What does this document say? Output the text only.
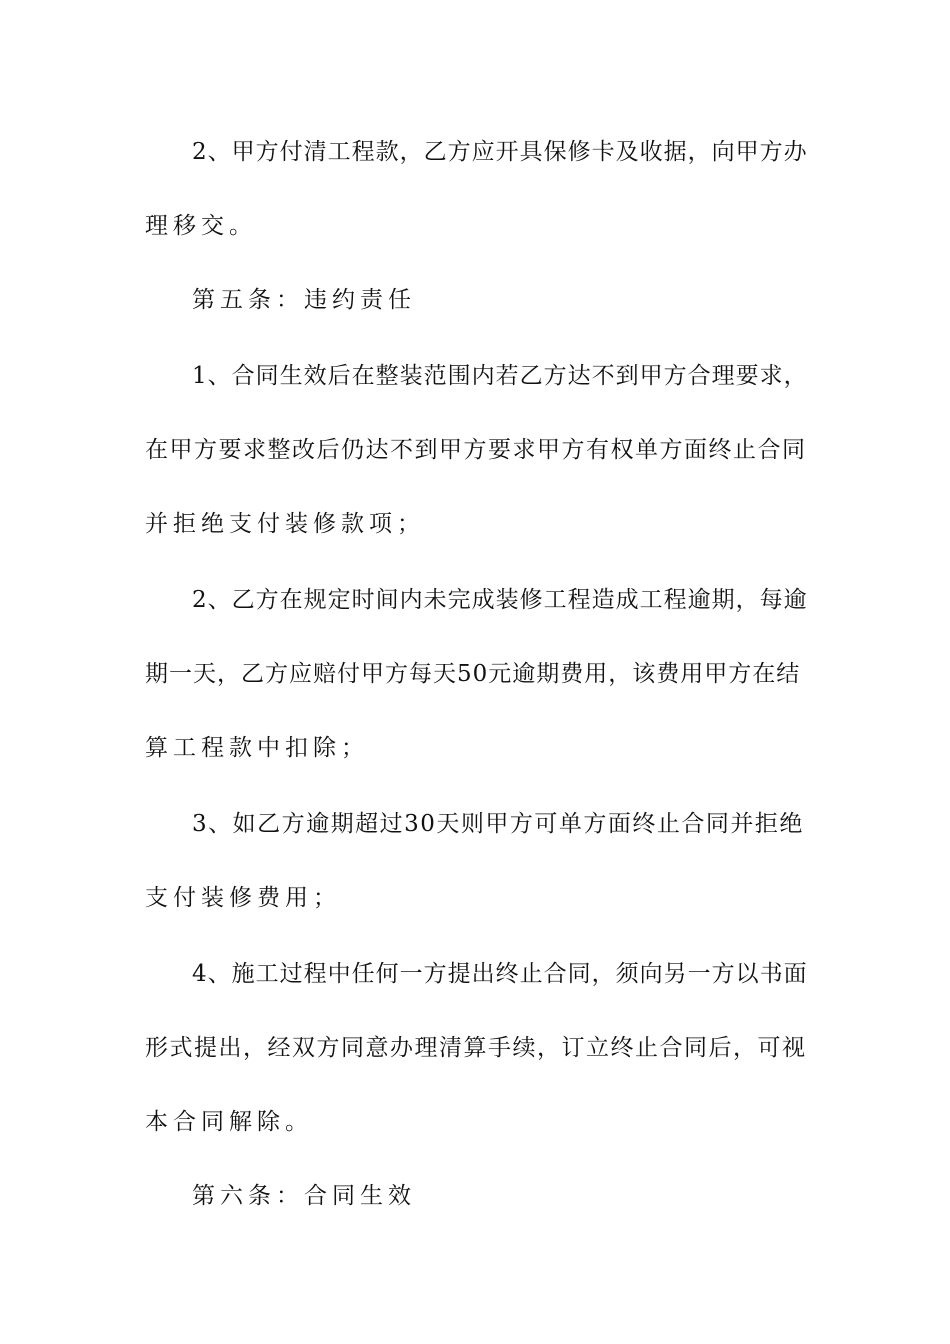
2、甲方付清工程款，乙方应开具保修卡及收据，向甲方办
理移交。
第五条：违约责任
1、合同生效后在整装范围内若乙方达不到甲方合理要求，
在甲方要求整改后仍达不到甲方要求甲方有权单方面终止合同
并拒绝支付装修款项；
2、乙方在规定时间内未完成装修工程造成工程逾期，每逾
期一天，乙方应赔付甲方每天50元逾期费用，该费用甲方在结
算工程款中扣除；
3、如乙方逾期超过30天则甲方可单方面终止合同并拒绝
支付装修费用；
4、施工过程中任何一方提出终止合同，须向另一方以书面
形式提出，经双方同意办理清算手续，订立终止合同后，可视
本合同解除。
第六条：合同生效
